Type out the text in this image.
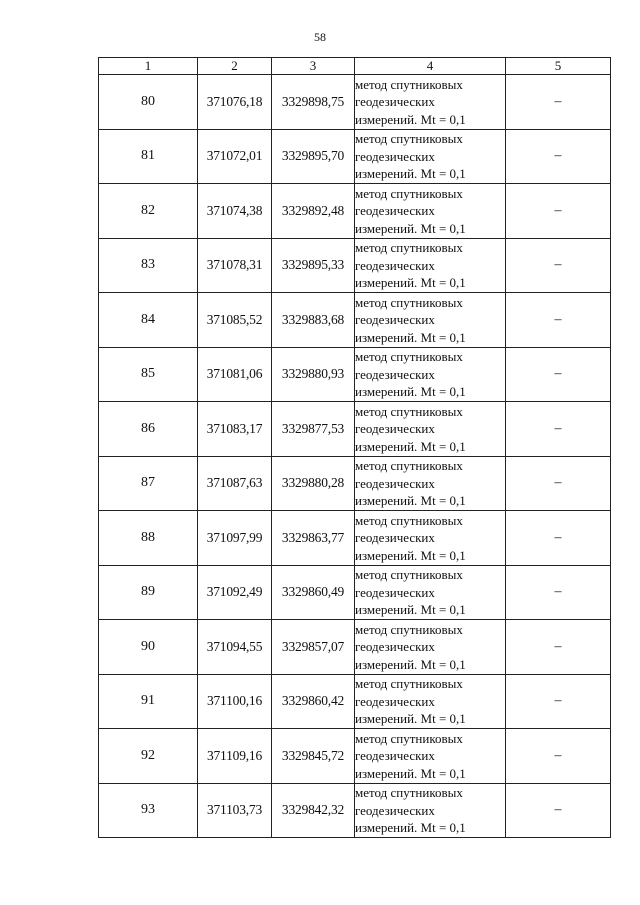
58
1	2	3	4	5
80	371076,18	3329898,75	метод спутниковых
геодезических
измерений. Mt = 0,1	–
81	371072,01	3329895,70	метод спутниковых
геодезических
измерений. Mt = 0,1	–
82	371074,38	3329892,48	метод спутниковых
геодезических
измерений. Mt = 0,1	–
83	371078,31	3329895,33	метод спутниковых
геодезических
измерений. Mt = 0,1	–
84	371085,52	3329883,68	метод спутниковых
геодезических
измерений. Mt = 0,1	–
85	371081,06	3329880,93	метод спутниковых
геодезических
измерений. Mt = 0,1	–
86	371083,17	3329877,53	метод спутниковых
геодезических
измерений. Mt = 0,1	–
87	371087,63	3329880,28	метод спутниковых
геодезических
измерений. Mt = 0,1	–
88	371097,99	3329863,77	метод спутниковых
геодезических
измерений. Mt = 0,1	–
89	371092,49	3329860,49	метод спутниковых
геодезических
измерений. Mt = 0,1	–
90	371094,55	3329857,07	метод спутниковых
геодезических
измерений. Mt = 0,1	–
91	371100,16	3329860,42	метод спутниковых
геодезических
измерений. Mt = 0,1	–
92	371109,16	3329845,72	метод спутниковых
геодезических
измерений. Mt = 0,1	–
93	371103,73	3329842,32	метод спутниковых
геодезических
измерений. Mt = 0,1	–
